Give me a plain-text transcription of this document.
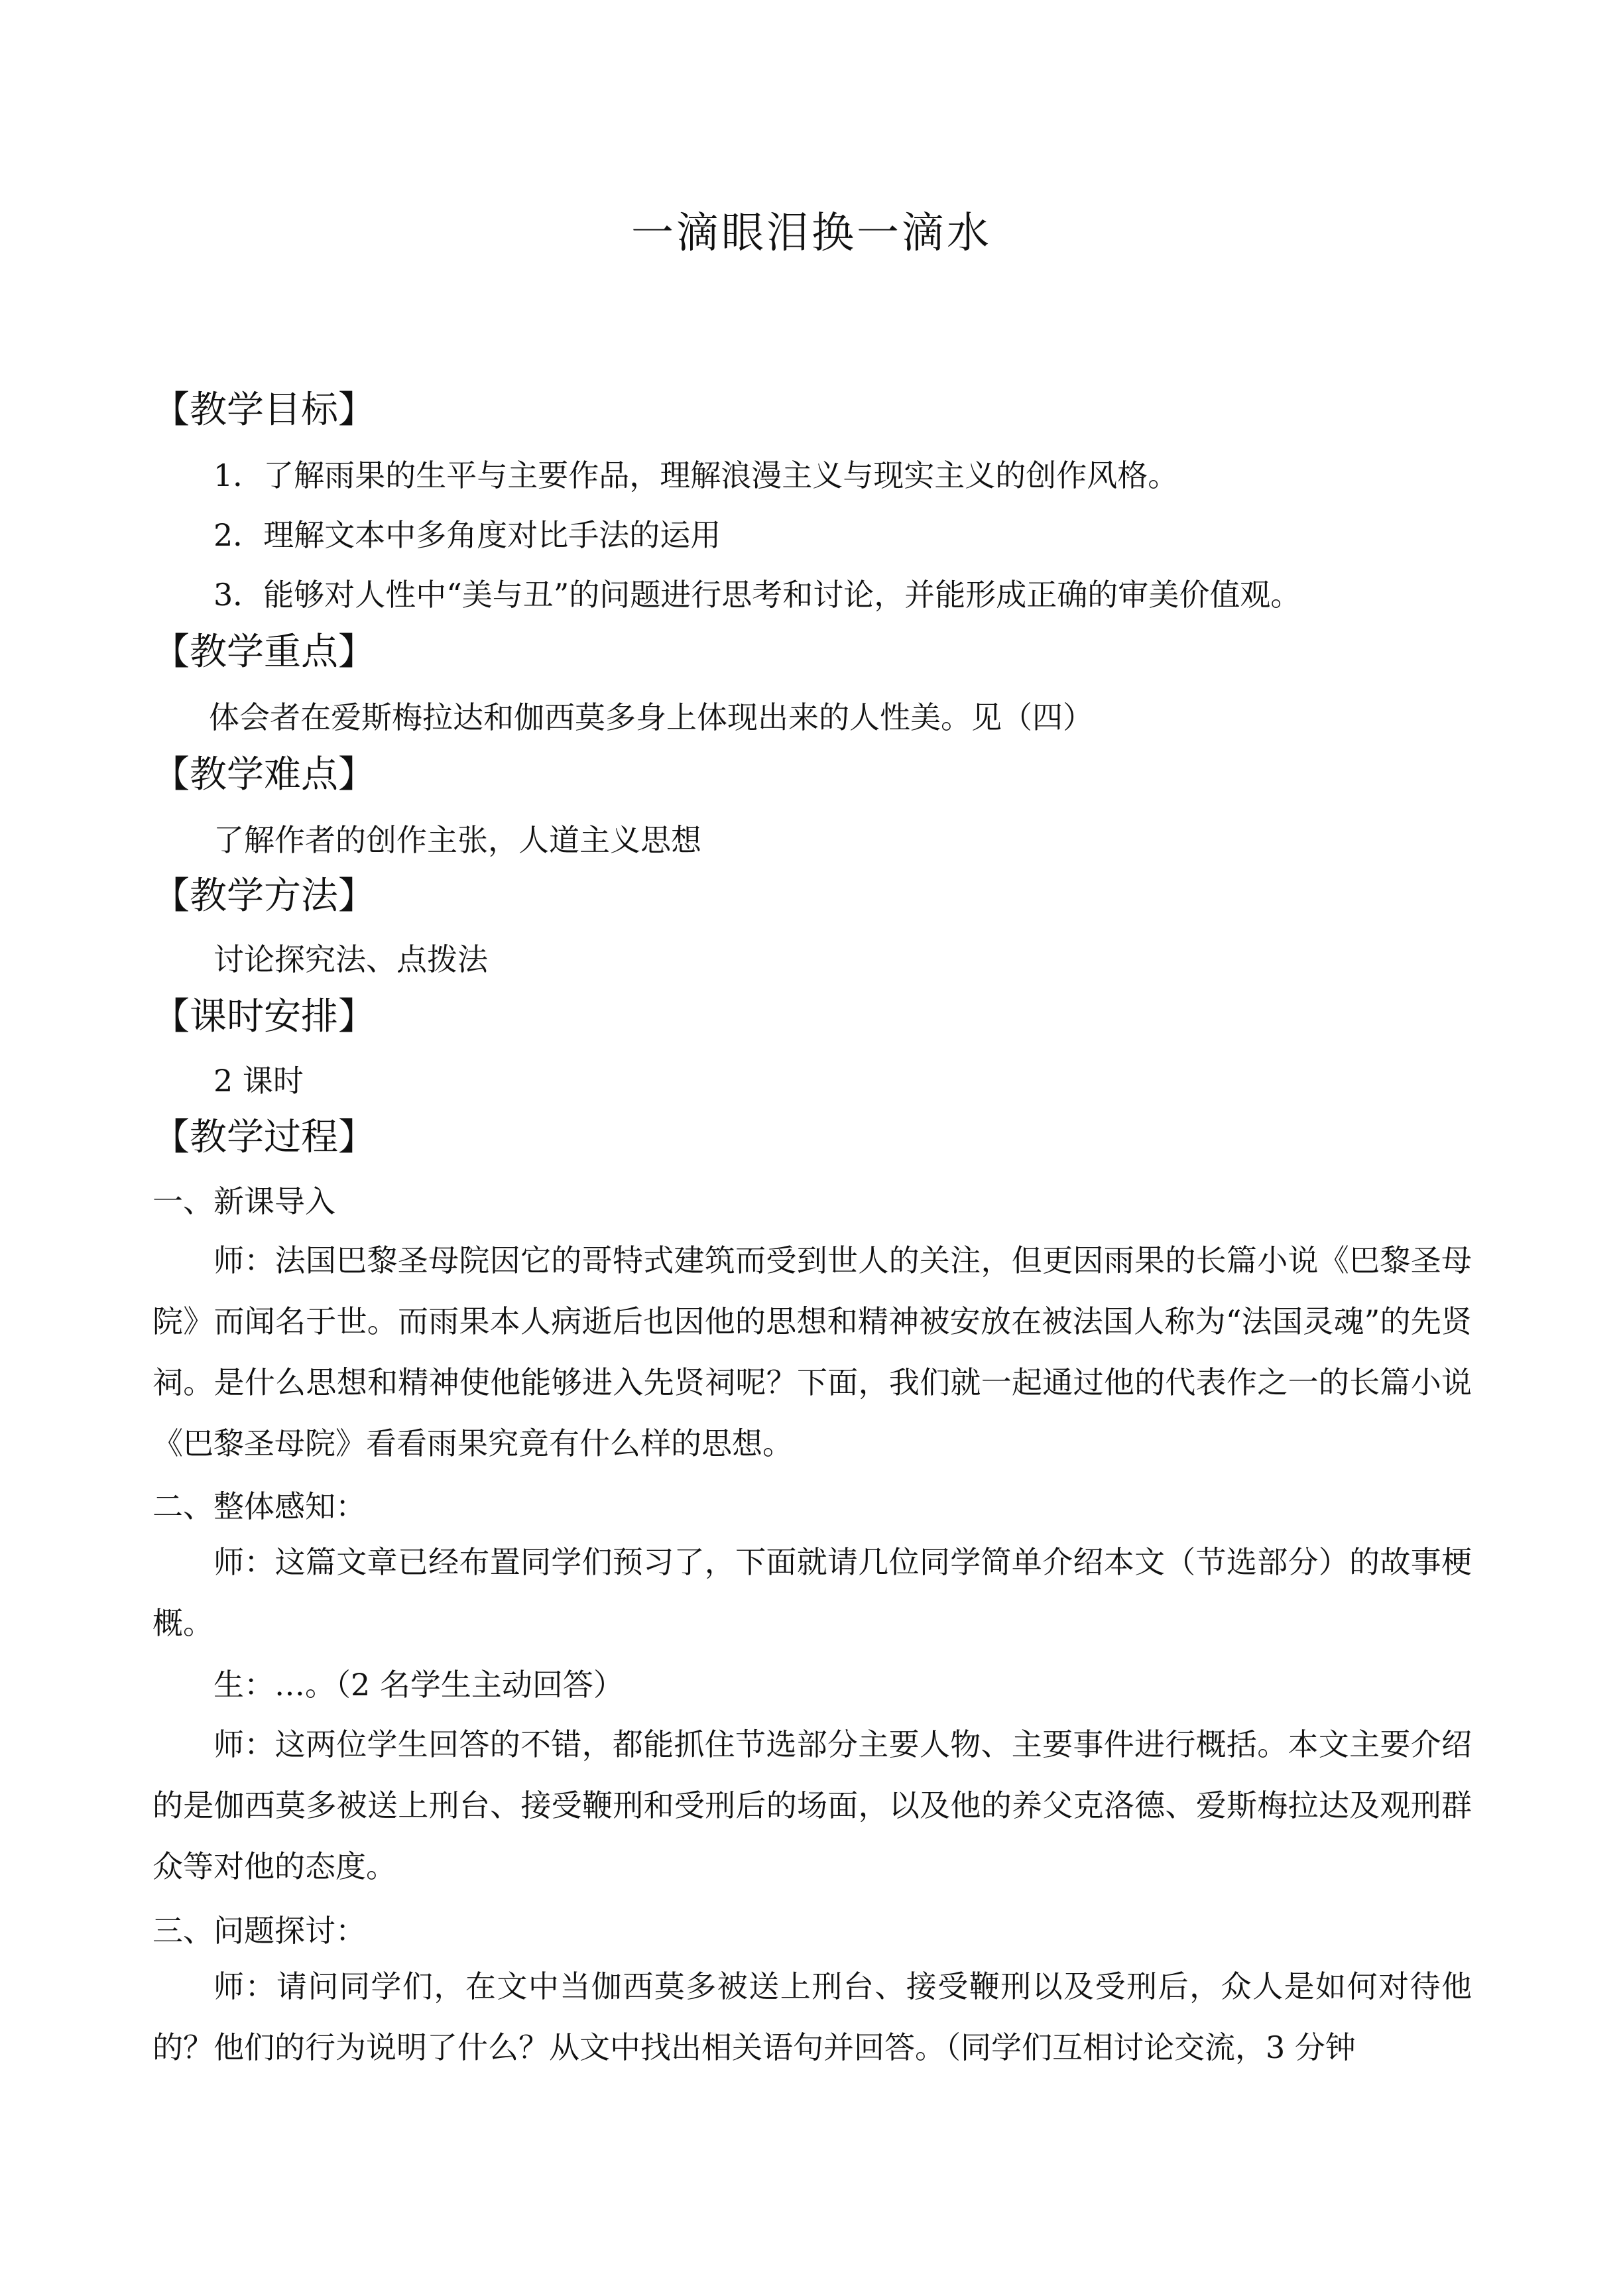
一滴眼泪换一滴水
【教学目标】
1．了解雨果的生平与主要作品，理解浪漫主义与现实主义的创作风格。
2．理解文本中多角度对比手法的运用
3．能够对人性中“美与丑”的问题进行思考和讨论，并能形成正确的审美价值观。
【教学重点】
体会者在爱斯梅拉达和伽西莫多身上体现出来的人性美。见（四）
【教学难点】
了解作者的创作主张，人道主义思想
【教学方法】
讨论探究法、点拨法
【课时安排】
2 课时
【教学过程】
一、新课导入
师：法国巴黎圣母院因它的哥特式建筑而受到世人的关注，但更因雨果的长篇小说《巴黎圣母院》而闻名于世。而雨果本人病逝后也因他的思想和精神被安放在被法国人称为“法国灵魂”的先贤祠。是什么思想和精神使他能够进入先贤祠呢？下面，我们就一起通过他的代表作之一的长篇小说《巴黎圣母院》看看雨果究竟有什么样的思想。
二、整体感知：
师：这篇文章已经布置同学们预习了，下面就请几位同学简单介绍本文（节选部分）的故事梗概。
生：…。（2 名学生主动回答）
师：这两位学生回答的不错，都能抓住节选部分主要人物、主要事件进行概括。本文主要介绍的是伽西莫多被送上刑台、接受鞭刑和受刑后的场面，以及他的养父克洛德、爱斯梅拉达及观刑群众等对他的态度。
三、问题探讨：
师：请问同学们，在文中当伽西莫多被送上刑台、接受鞭刑以及受刑后，众人是如何对待他的？他们的行为说明了什么？从文中找出相关语句并回答。（同学们互相讨论交流，3 分钟
